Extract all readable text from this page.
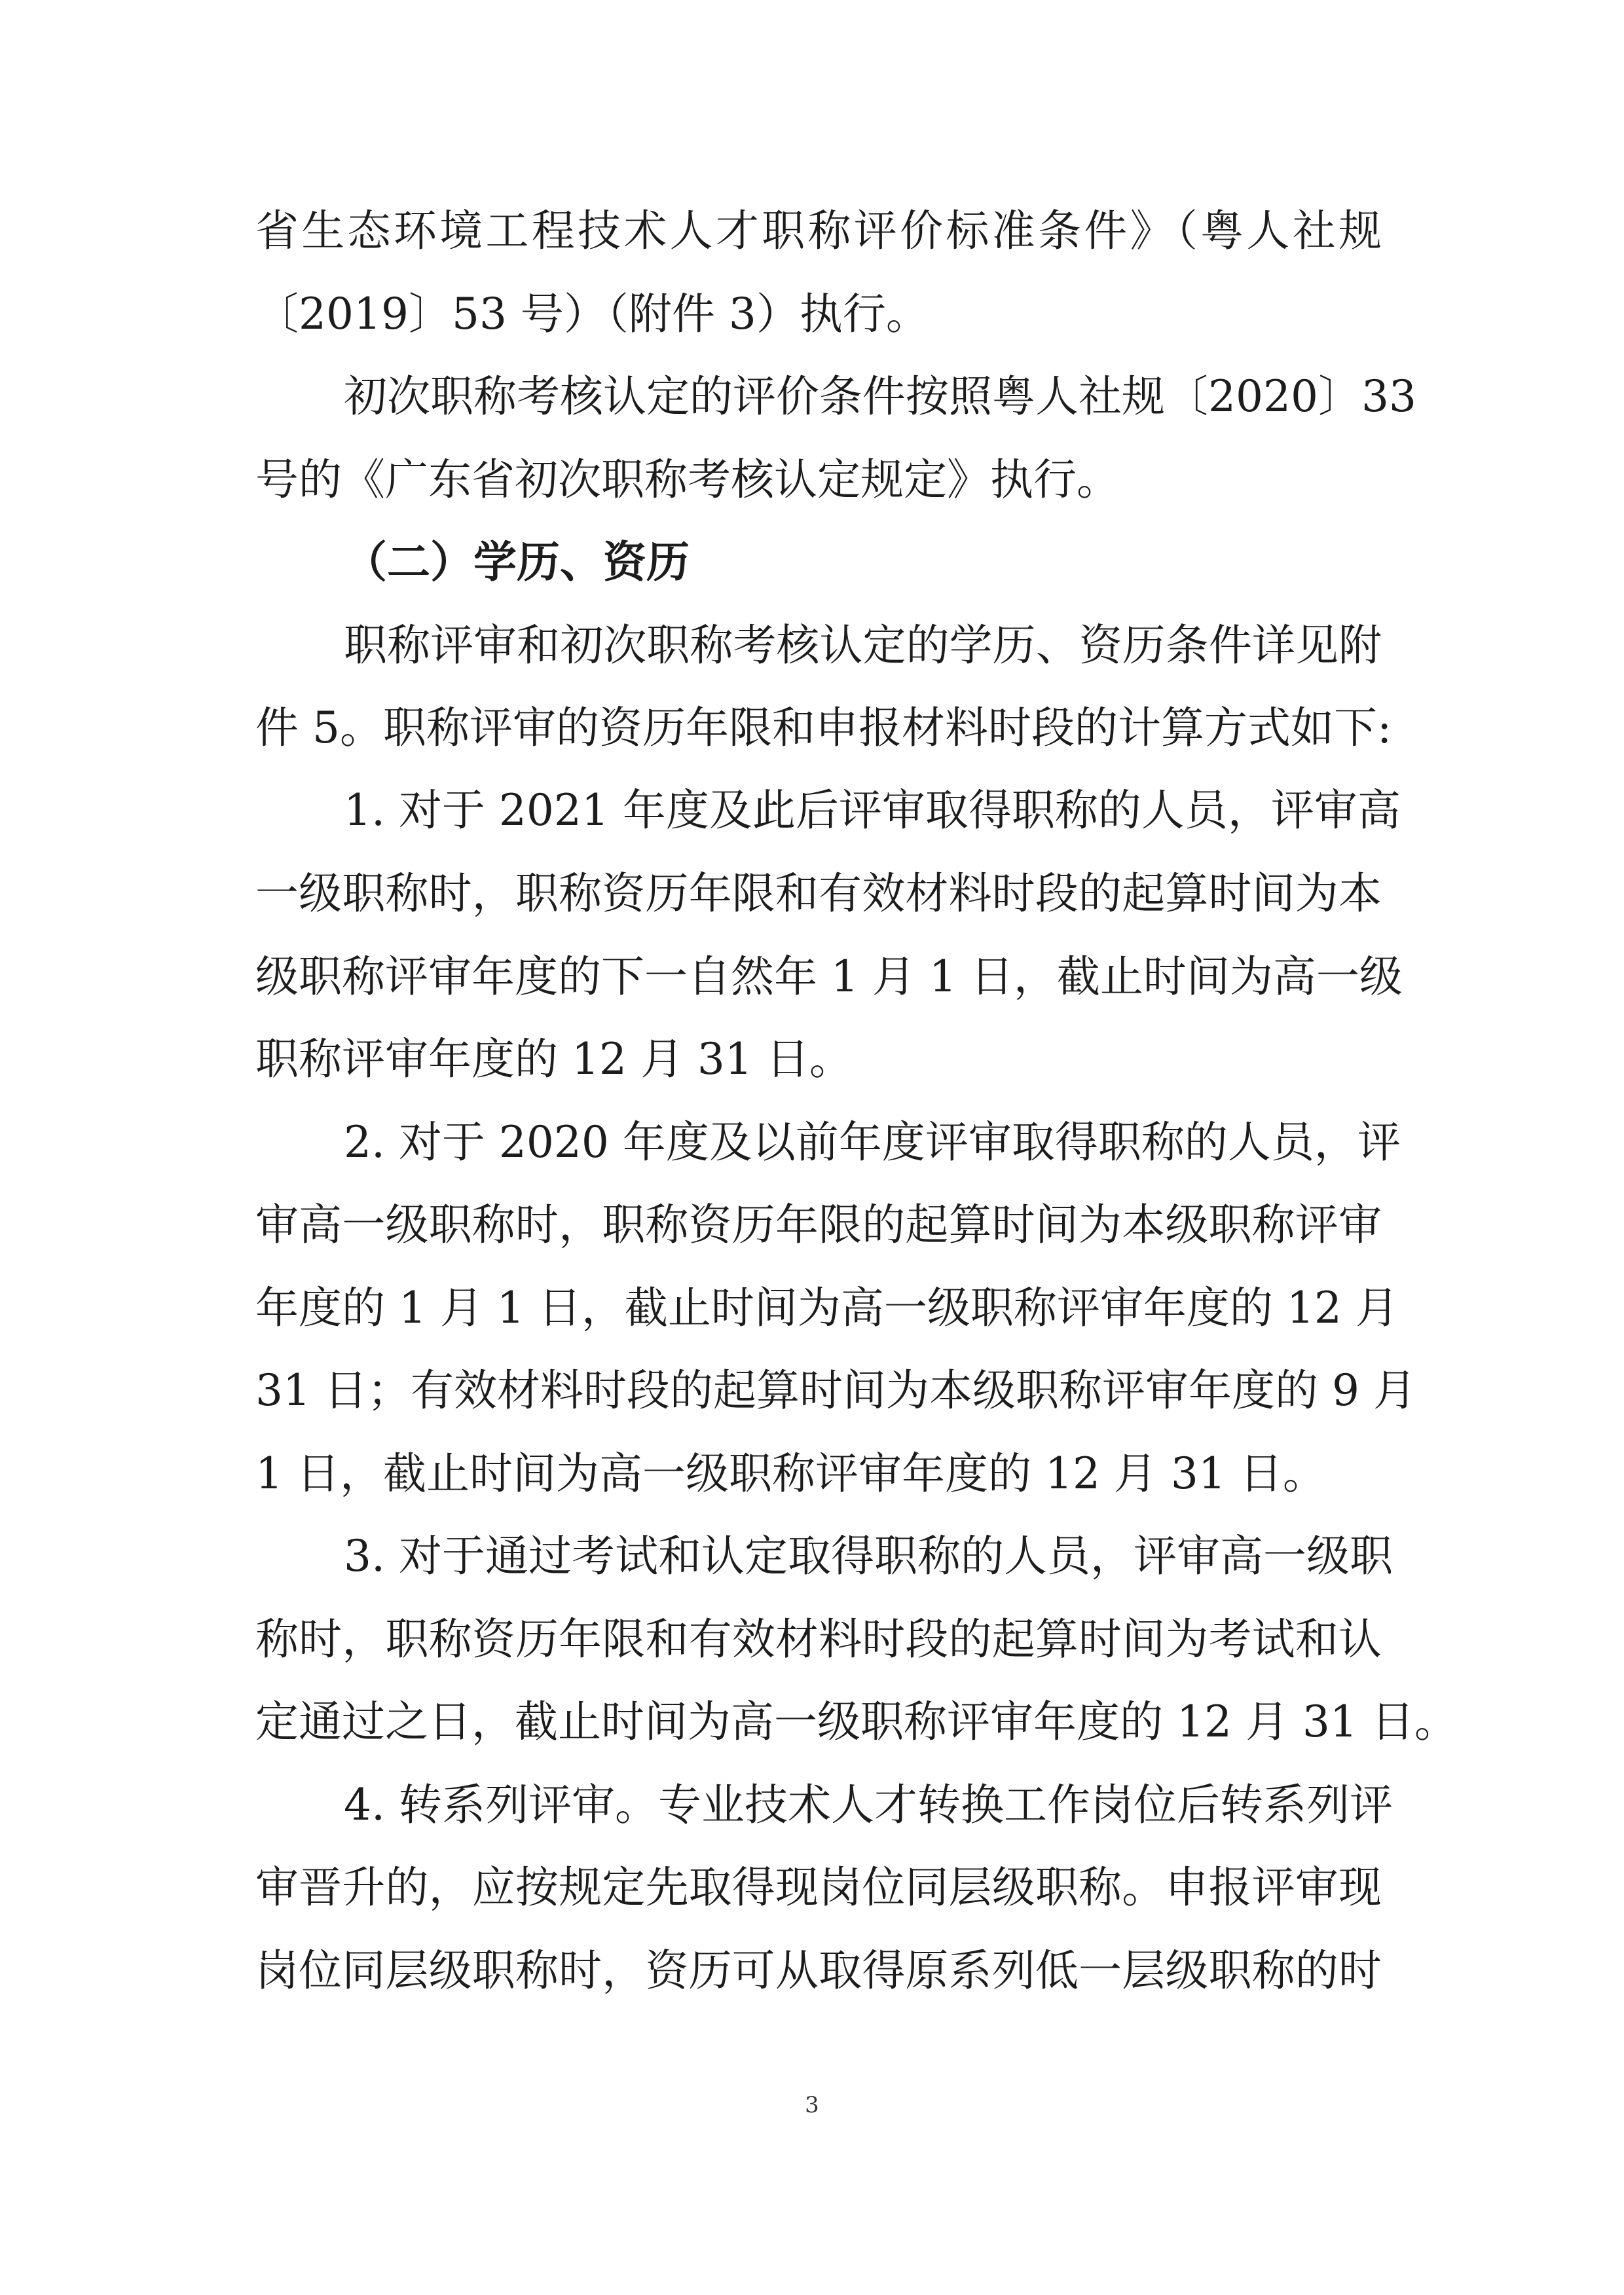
省生态环境工程技术人才职称评价标准条件》（粤人社规
〔2019〕53 号）（附件 3）执行。
初次职称考核认定的评价条件按照粤人社规〔2020〕33
号的《广东省初次职称考核认定规定》执行。
（二）学历、资历
职称评审和初次职称考核认定的学历、资历条件详见附
件 5。职称评审的资历年限和申报材料时段的计算方式如下:
1. 对于 2021 年度及此后评审取得职称的人员，评审高
一级职称时，职称资历年限和有效材料时段的起算时间为本
级职称评审年度的下一自然年 1 月 1 日，截止时间为高一级
职称评审年度的 12 月 31 日。
2. 对于 2020 年度及以前年度评审取得职称的人员，评
审高一级职称时，职称资历年限的起算时间为本级职称评审
年度的 1 月 1 日，截止时间为高一级职称评审年度的 12 月
31 日；有效材料时段的起算时间为本级职称评审年度的 9 月
1 日，截止时间为高一级职称评审年度的 12 月 31 日。
3. 对于通过考试和认定取得职称的人员，评审高一级职
称时，职称资历年限和有效材料时段的起算时间为考试和认
定通过之日，截止时间为高一级职称评审年度的 12 月 31 日。
4. 转系列评审。专业技术人才转换工作岗位后转系列评
审晋升的，应按规定先取得现岗位同层级职称。申报评审现
岗位同层级职称时，资历可从取得原系列低一层级职称的时
3
